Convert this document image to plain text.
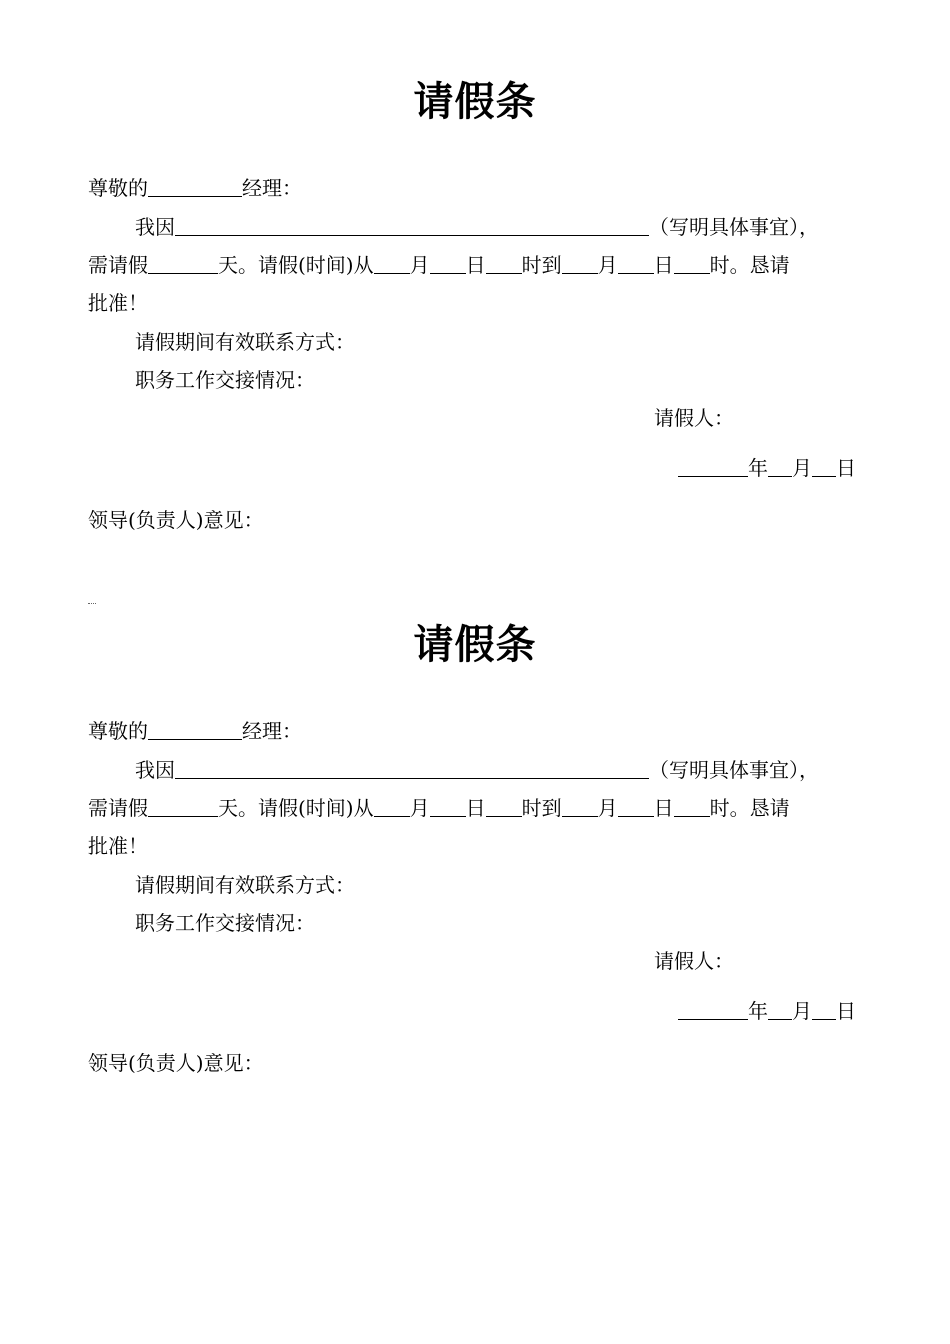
请假条
尊敬的	经理：
我因	（写明具体事宜），
需请假	天。请假(时间)从 月 日 时到 月 日 时。恳请
批准！
请假期间有效联系方式：
职务工作交接情况：
请假人：
年 月 日
领导(负责人)意见：
请假条
尊敬的	经理：
我因	（写明具体事宜），
需请假	天。请假(时间)从 月 日 时到 月 日 时。恳请
批准！
请假期间有效联系方式：
职务工作交接情况：
请假人：
年 月 日
领导(负责人)意见：
